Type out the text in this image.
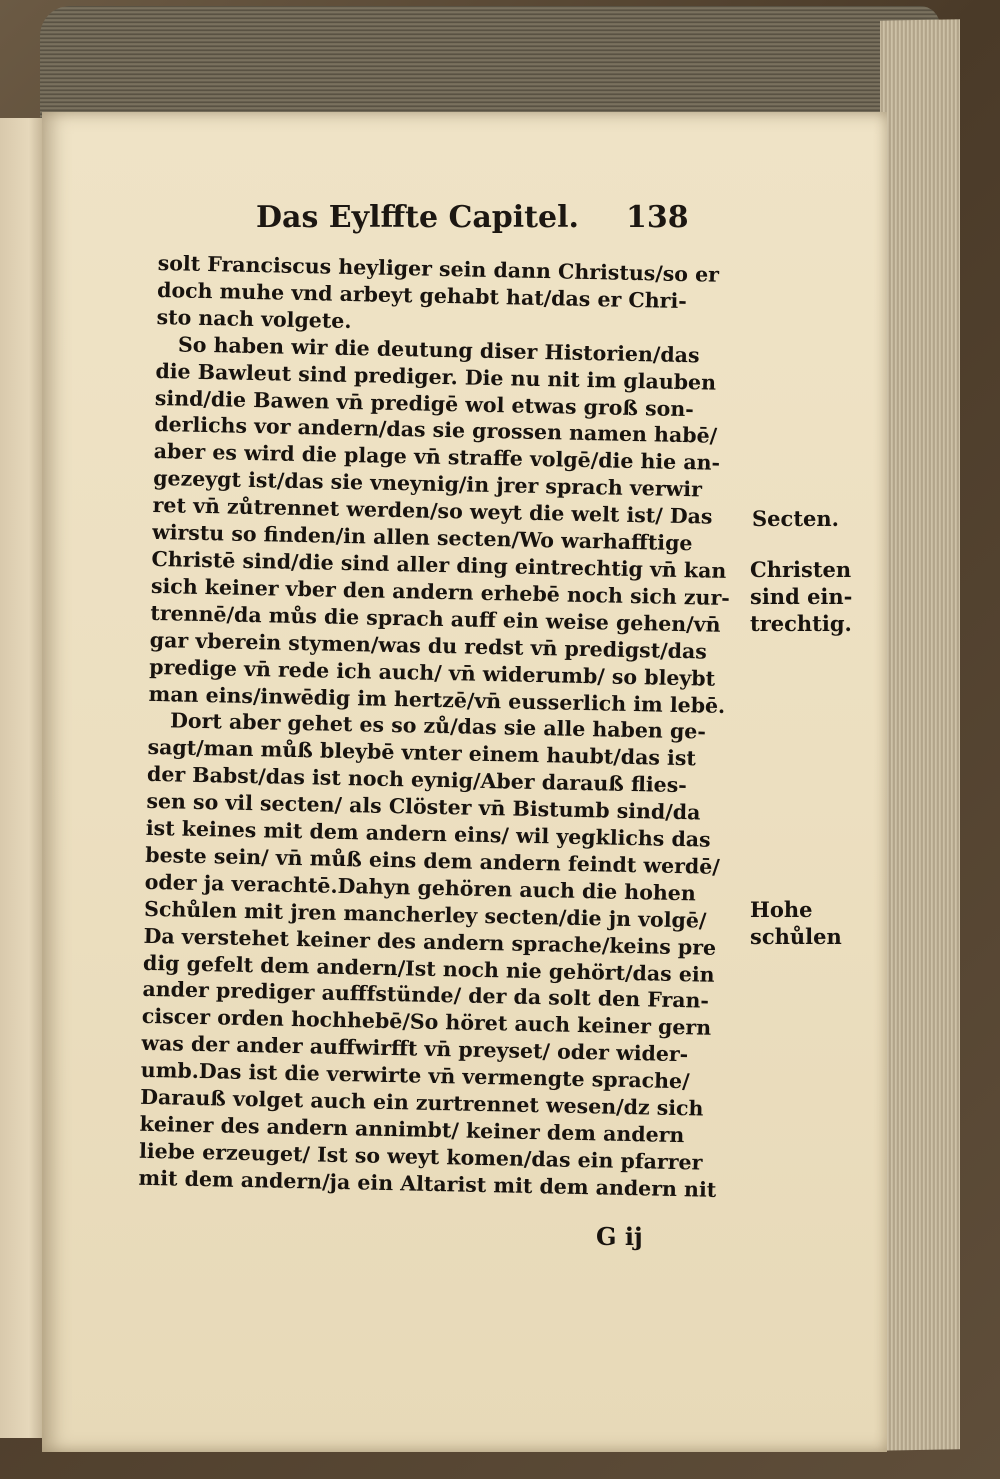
Das Eylffte Capitel. 138
solt Franciscus heyliger sein dann Christus/so er
doch muhe vnd arbeyt gehabt hat/das er Chri-
sto nach volgete.
So haben wir die deutung diser Historien/das
die Bawleut sind prediger. Die nu nit im glauben
sind/die Bawen vn̄ predigē wol etwas groß son-
derlichs vor andern/das sie grossen namen habē/
aber es wird die plage vn̄ straffe volgē/die hie an-
gezeygt ist/das sie vneynig/in jrer sprach verwir
ret vn̄ zůtrennet werden/so weyt die welt ist/ Das
wirstu so finden/in allen secten/Wo warhafftige
Christē sind/die sind aller ding eintrechtig vn̄ kan
sich keiner vber den andern erhebē noch sich zur-
trennē/da můs die sprach auff ein weise gehen/vn̄
gar vberein stymen/was du redst vn̄ predigst/das
predige vn̄ rede ich auch/ vn̄ widerumb/ so bleybt
man eins/inwēdig im hertzē/vn̄ eusserlich im lebē.
Dort aber gehet es so zů/das sie alle haben ge-
sagt/man můß bleybē vnter einem haubt/das ist
der Babst/das ist noch eynig/Aber darauß flies-
sen so vil secten/ als Clöster vn̄ Bistumb sind/da
ist keines mit dem andern eins/ wil yegklichs das
beste sein/ vn̄ můß eins dem andern feindt werdē/
oder ja verachtē.Dahyn gehören auch die hohen
Schůlen mit jren mancherley secten/die jn volgē/
Da verstehet keiner des andern sprache/keins pre
dig gefelt dem andern/Ist noch nie gehört/das ein
ander prediger aufffstünde/ der da solt den Fran-
ciscer orden hochhebē/So höret auch keiner gern
was der ander auffwirfft vn̄ preyset/ oder wider-
umb.Das ist die verwirte vn̄ vermengte sprache/
Darauß volget auch ein zurtrennet wesen/dz sich
keiner des andern annimbt/ keiner dem andern
liebe erzeuget/ Ist so weyt komen/das ein pfarrer
mit dem andern/ja ein Altarist mit dem andern nit
Secten.
Christen
sind ein-
trechtig.
Hohe
schůlen
G ij
